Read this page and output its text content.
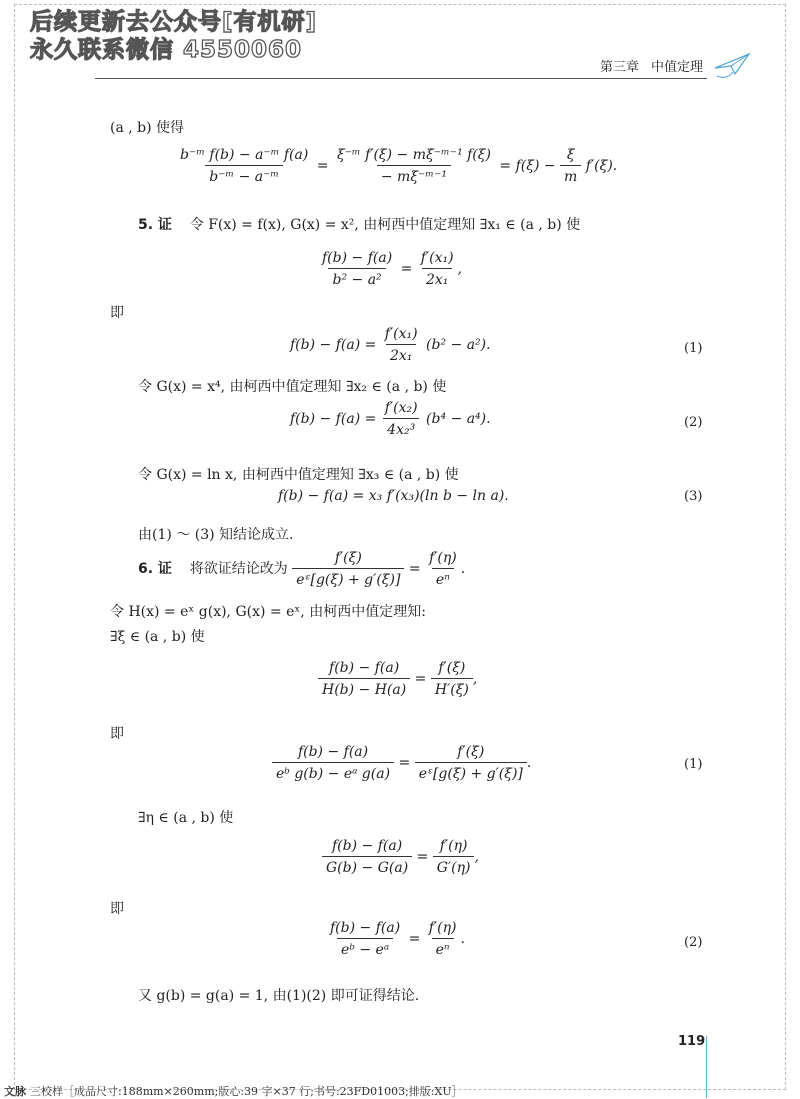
后续更新去公众号[有机研]
永久联系微信 4550060
第三章 中值定理
(a , b) 使得
$\frac{\text{b⁻ᵐ f(b) − a⁻ᵐ f(a)}}{\text{b⁻ᵐ − a⁻ᵐ}} = \frac{\text{ξ⁻ᵐ f′(ξ) − mξ⁻ᵐ⁻¹ f(ξ)}}{\text{− mξ⁻ᵐ⁻¹}} = f(\xi) - \frac{\xi}{m} f'(\xi)$.
5. 证 令 F(x) = f(x), G(x) = x², 由柯西中值定理知 ∃x₁ ∈ (a , b) 使
$\frac{f(b) - f(a)}{\text{b² − a²}} = \frac{\text{f′(x₁)}}{\text{2x₁}}$ ,
即
$f(b) - f(a) = \frac{\text{f′(x₁)}}{\text{2x₁}} (b^2 - a^2)$.	(1)
令 G(x) = x⁴, 由柯西中值定理知 ∃x₂ ∈ (a , b) 使
$f(b) - f(a) = \frac{\text{f′(x₂)}}{\text{4x₂³}} (b^4 - a^4)$.	(2)
令 G(x) = ln x, 由柯西中值定理知 ∃x₃ ∈ (a , b) 使
f(b) − f(a) = x₃ f′(x₃)(ln b − ln a).	(3)
由(1) ～ (3) 知结论成立.
6. 证 将欲证结论改为 $\frac{f'(\xi)}{\text{eᵋ[g(ξ) + g′(ξ)]}} = \frac{f'(\eta)}{\text{eⁿ}}$ .
令 H(x) = eˣ g(x), G(x) = eˣ, 由柯西中值定理知:
∃ξ ∈ (a , b) 使
$\frac{f(b) - f(a)}{H(b) - H(a)} = \frac{f'(\xi)}{H'(\xi)}$ ,
即
$\frac{f(b) - f(a)}{\text{eᵇ g(b) − eᵃ g(a)}} = \frac{f'(\xi)}{\text{eᵋ[g(ξ) + g′(ξ)]}}$ .	(1)
∃η ∈ (a , b) 使
$\frac{f(b) - f(a)}{G(b) - G(a)} = \frac{f'(\eta)}{G'(\eta)}$ ,
即
$\frac{f(b) - f(a)}{\text{eᵇ − eᵃ}} = \frac{f'(\eta)}{\text{eⁿ}}$ .	(2)
又 g(b) = g(a) = 1, 由(1)(2) 即可证得结论.
119
文脉 三校样［成品尺寸:188mm×260mm;版心:39 字×37 行;书号:23FD01003;排版:XU］
